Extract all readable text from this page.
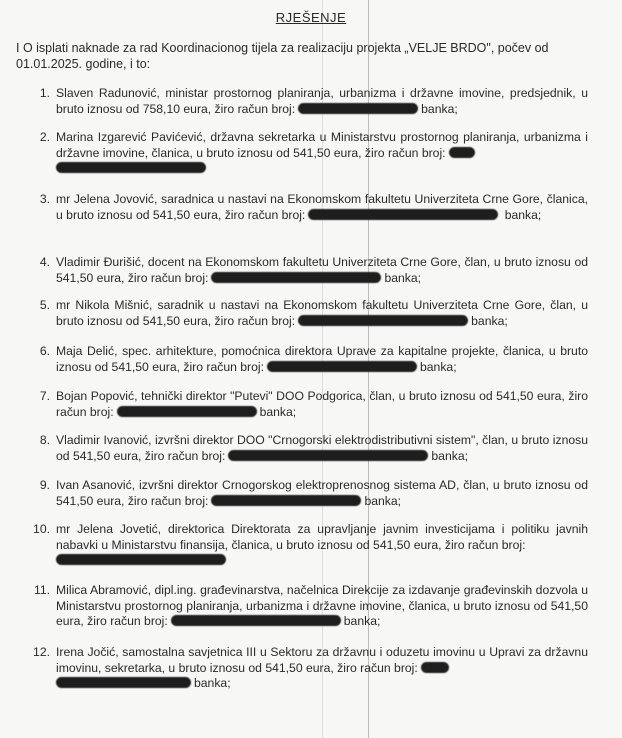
RJEŠENJE
I O isplati naknade za rad Koordinacionog tijela za realizaciju projekta „VELJE BRDO", počev od 01.01.2025. godine, i to:
1. Slaven Radunović, ministar prostornog planiranja, urbanizma i državne imovine, predsjednik, u bruto iznosu od 758,10 eura, žiro račun broj:	banka;
2. Marina Izgarević Pavićević, državna sekretarka u Ministarstvu prostornog planiranja, urbanizma i državne imovine, članica, u bruto iznosu od 541,50 eura, žiro račun broj:

3. mr Jelena Jovović, saradnica u nastavi na Ekonomskom fakultetu Univerziteta Crne Gore, članica, u bruto iznosu od 541,50 eura, žiro račun broj:	banka;
4. Vladimir Đurišić, docent na Ekonomskom fakultetu Univerziteta Crne Gore, član, u bruto iznosu od 541,50 eura, žiro račun broj:	banka;
5. mr Nikola Mišnić, saradnik u nastavi na Ekonomskom fakultetu Univerziteta Crne Gore, član, u bruto iznosu od 541,50 eura, žiro račun broj:	banka;
6. Maja Delić, spec. arhitekture, pomoćnica direktora Uprave za kapitalne projekte, članica, u bruto iznosu od 541,50 eura, žiro račun broj:	banka;
7. Bojan Popović, tehnički direktor "Putevi" DOO Podgorica, član, u bruto iznosu od 541,50 eura, žiro račun broj:	banka;
8. Vladimir Ivanović, izvršni direktor DOO "Crnogorski elektrodistributivni sistem", član, u bruto iznosu od 541,50 eura, žiro račun broj:	banka;
9. Ivan Asanović, izvršni direktor Crnogorskog elektroprenosnog sistema AD, član, u bruto iznosu od 541,50 eura, žiro račun broj:	banka;
10. mr Jelena Jovetić, direktorica Direktorata za upravljanje javnim investicijama i politiku javnih nabavki u Ministarstvu finansija, članica, u bruto iznosu od 541,50 eura, žiro račun broj:

11. Milica Abramović, dipl.ing. građevinarstva, načelnica Direkcije za izdavanje građevinskih dozvola u Ministarstvu prostornog planiranja, urbanizma i državne imovine, članica, u bruto iznosu od 541,50 eura, žiro račun broj:	banka;
12. Irena Jočić, samostalna savjetnica III u Sektoru za državnu i oduzetu imovinu u Upravi za državnu imovinu, sekretarka, u bruto iznosu od 541,50 eura, žiro račun broj:
banka;
